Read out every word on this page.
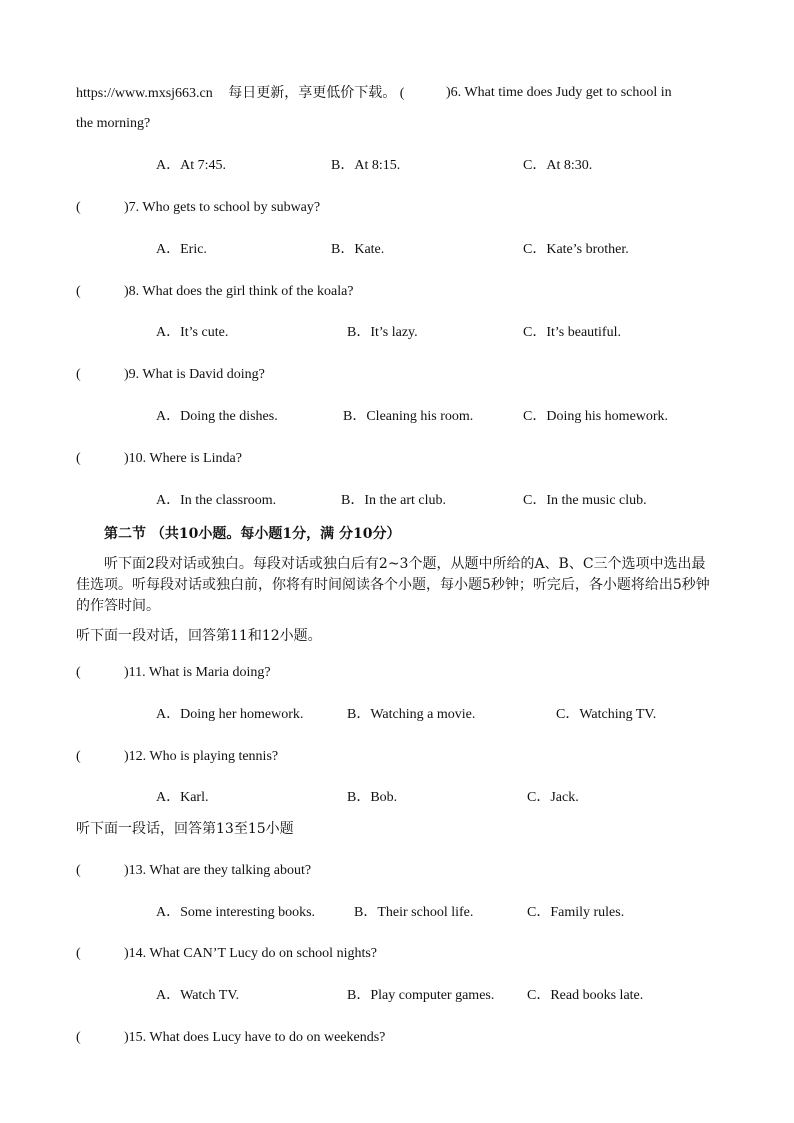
https://www.mxsj663.cn 每日更新，享更低价下载。 (	)6. What time does Judy get to school in
the morning?
A．At 7:45.	B．At 8:15.	C．At 8:30.
(	)7. Who gets to school by subway?
A．Eric.	B．Kate.	C．Kate’s brother.
(	)8. What does the girl think of the koala?
A．It’s cute.	B．It’s lazy.	C．It’s beautiful.
(	)9. What is David doing?
A．Doing the dishes.	B．Cleaning his room.	C．Doing his homework.
(	)10. Where is Linda?
A．In the classroom.	B．In the art club.	C．In the music club.
第二节 （共10小题。每小题1分，满 分10分）
听下面2段对话或独白。每段对话或独白后有2~3个题，从题中所给的A、B、C三个选项中选出最佳选项。听每段对话或独白前，你将有时间阅读各个小题，每小题5秒钟；听完后，各小题将给出5秒钟的作答时间。
听下面一段对话，回答第11和12小题。
(	)11. What is Maria doing?
A．Doing her homework.	B．Watching a movie.	C．Watching TV.
(	)12. Who is playing tennis?
A．Karl.	B．Bob.	C．Jack.
听下面一段话，回答第13至15小题
(	)13. What are they talking about?
A．Some interesting books.	B．Their school life.	C．Family rules.
(	)14. What CAN’T Lucy do on school nights?
A．Watch TV.	B．Play computer games. C．Read books late.
(	)15. What does Lucy have to do on weekends?
